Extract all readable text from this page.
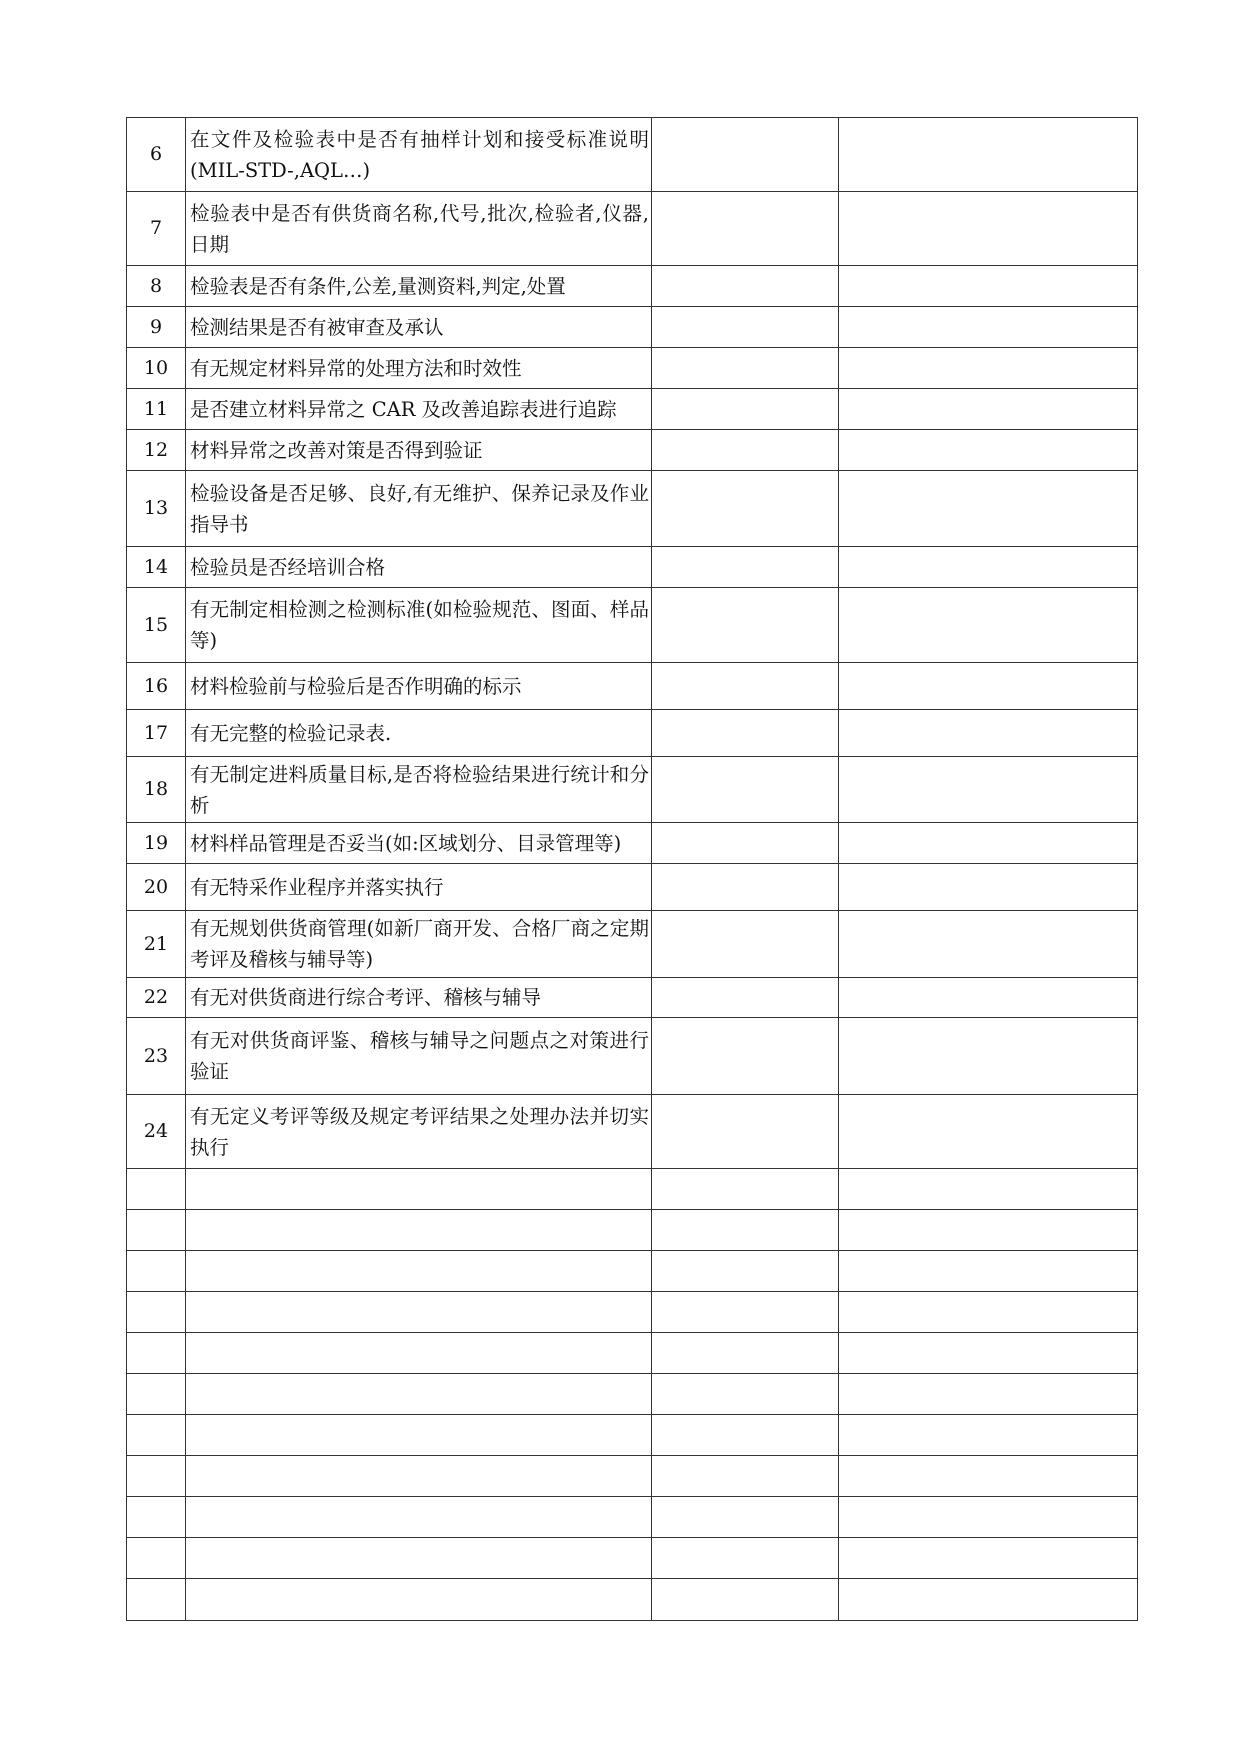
6	在文件及检验表中是否有抽样计划和接受标准说明(MIL-STD-,AQL…)		
7	检验表中是否有供货商名称,代号,批次,检验者,仪器,日期		
8	检验表是否有条件,公差,量测资料,判定,处置		
9	检测结果是否有被审查及承认		
10	有无规定材料异常的处理方法和时效性		
11	是否建立材料异常之 CAR 及改善追踪表进行追踪		
12	材料异常之改善对策是否得到验证		
13	检验设备是否足够、良好,有无维护、保养记录及作业指导书		
14	检验员是否经培训合格		
15	有无制定相检测之检测标准(如检验规范、图面、样品等)		
16	材料检验前与检验后是否作明确的标示		
17	有无完整的检验记录表.		
18	有无制定进料质量目标,是否将检验结果进行统计和分析		
19	材料样品管理是否妥当(如:区域划分、目录管理等)		
20	有无特采作业程序并落实执行		
21	有无规划供货商管理(如新厂商开发、合格厂商之定期考评及稽核与辅导等)		
22	有无对供货商进行综合考评、稽核与辅导		
23	有无对供货商评鉴、稽核与辅导之问题点之对策进行验证		
24	有无定义考评等级及规定考评结果之处理办法并切实执行		
